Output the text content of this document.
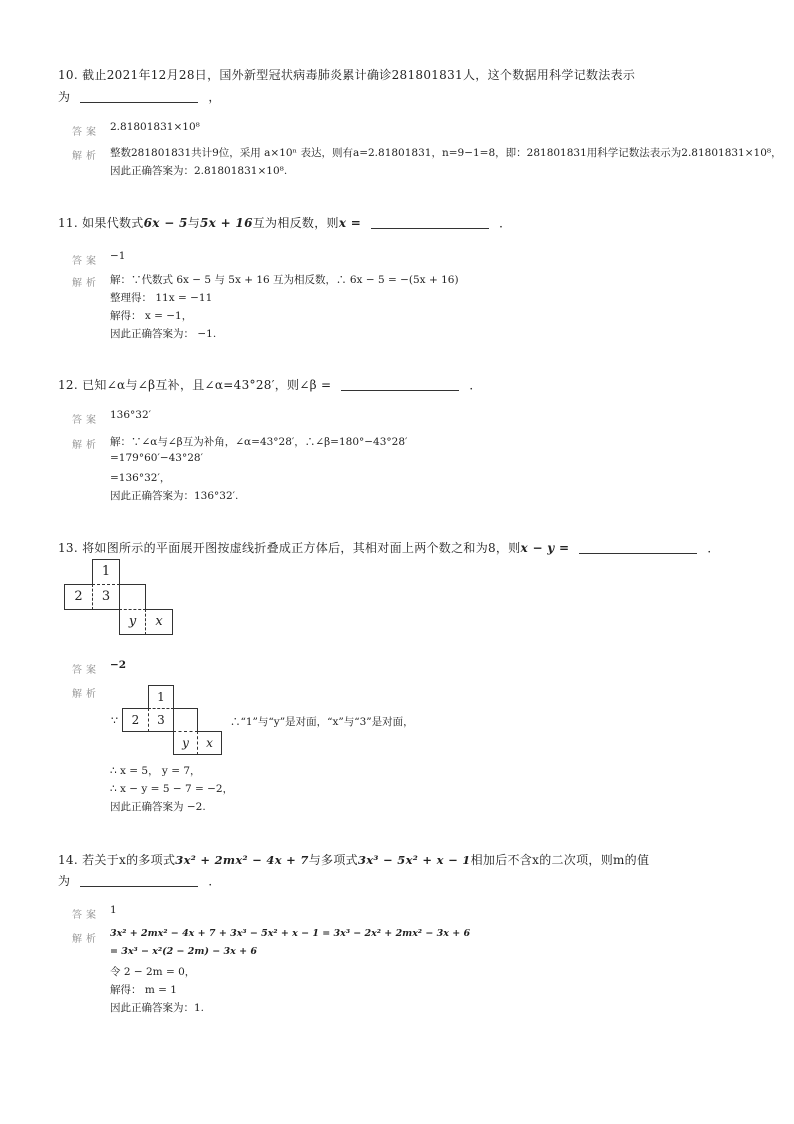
10. 截止2021年12月28日，国外新型冠状病毒肺炎累计确诊281801831人，这个数据用科学记数法表示
为	，
答案 2.81801831×10⁸
解析 整数281801831共计9位，采用 a×10ⁿ 表达，则有a=2.81801831，n=9−1=8，即：281801831用科学记数法表示为2.81801831×10⁸，
因此正确答案为：2.81801831×10⁸.
11. 如果代数式6x − 5与5x + 16互为相反数，则x =	．
答案 −1
解析 解：∵代数式 6x − 5 与 5x + 16 互为相反数，∴ 6x − 5 = −(5x + 16)
整理得： 11x = −11
解得： x = −1，
因此正确答案为： −1.
12. 已知∠α与∠β互补，且∠α=43°28′，则∠β =	．
答案 136°32′
解析 解：∵∠α与∠β互为补角，∠α=43°28′，∴∠β=180°−43°28′
=179°60′−43°28′
=136°32′，
因此正确答案为：136°32′.
13. 将如图所示的平面展开图按虚线折叠成正方体后，其相对面上两个数之和为8，则x − y =	．
1
2	3
y	x
答案 −2
解析
∵
1
2	3
y	x
∴“1”与“y”是对面，“x”与“3”是对面，
∴ x = 5， y = 7，
∴ x − y = 5 − 7 = −2，
因此正确答案为 −2.
14. 若关于x的多项式3x² + 2mx² − 4x + 7与多项式3x³ − 5x² + x − 1相加后不含x的二次项，则m的值
为	．
答案 1
解析
3x² + 2mx² − 4x + 7 + 3x³ − 5x² + x − 1 = 3x³ − 2x² + 2mx² − 3x + 6
= 3x³ − x²(2 − 2m) − 3x + 6
令 2 − 2m = 0，
解得： m = 1
因此正确答案为：1.
